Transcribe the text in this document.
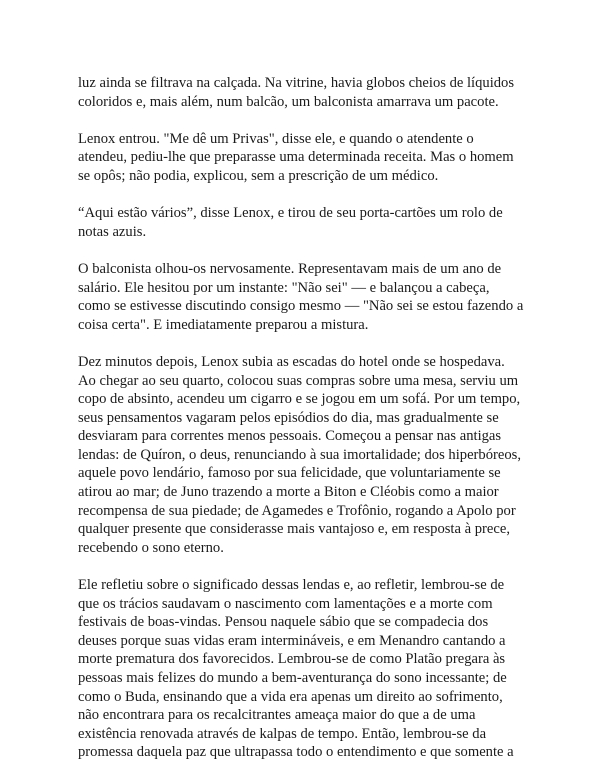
luz ainda se filtrava na calçada. Na vitrine, havia globos cheios de líquidos
coloridos e, mais além, num balcão, um balconista amarrava um pacote.

Lenox entrou. "Me dê um Privas", disse ele, e quando o atendente o
atendeu, pediu-lhe que preparasse uma determinada receita. Mas o homem
se opôs; não podia, explicou, sem a prescrição de um médico.

“Aqui estão vários”, disse Lenox, e tirou de seu porta-cartões um rolo de
notas azuis.

O balconista olhou-os nervosamente. Representavam mais de um ano de
salário. Ele hesitou por um instante: "Não sei" — e balançou a cabeça,
como se estivesse discutindo consigo mesmo — "Não sei se estou fazendo a
coisa certa". E imediatamente preparou a mistura.

Dez minutos depois, Lenox subia as escadas do hotel onde se hospedava.
Ao chegar ao seu quarto, colocou suas compras sobre uma mesa, serviu um
copo de absinto, acendeu um cigarro e se jogou em um sofá. Por um tempo,
seus pensamentos vagaram pelos episódios do dia, mas gradualmente se
desviaram para correntes menos pessoais. Começou a pensar nas antigas
lendas: de Quíron, o deus, renunciando à sua imortalidade; dos hiperbóreos,
aquele povo lendário, famoso por sua felicidade, que voluntariamente se
atirou ao mar; de Juno trazendo a morte a Biton e Cléobis como a maior
recompensa de sua piedade; de Agamedes e Trofônio, rogando a Apolo por
qualquer presente que considerasse mais vantajoso e, em resposta à prece,
recebendo o sono eterno.

Ele refletiu sobre o significado dessas lendas e, ao refletir, lembrou-se de
que os trácios saudavam o nascimento com lamentações e a morte com
festivais de boas-vindas. Pensou naquele sábio que se compadecia dos
deuses porque suas vidas eram intermináveis, e em Menandro cantando a
morte prematura dos favorecidos. Lembrou-se de como Platão pregara às
pessoas mais felizes do mundo a bem-aventurança do sono incessante; de
como o Buda, ensinando que a vida era apenas um direito ao sofrimento,
não encontrara para os recalcitrantes ameaça maior do que a de uma
existência renovada através de kalpas de tempo. Então, lembrou-se da
promessa daquela paz que ultrapassa todo o entendimento e que somente a
